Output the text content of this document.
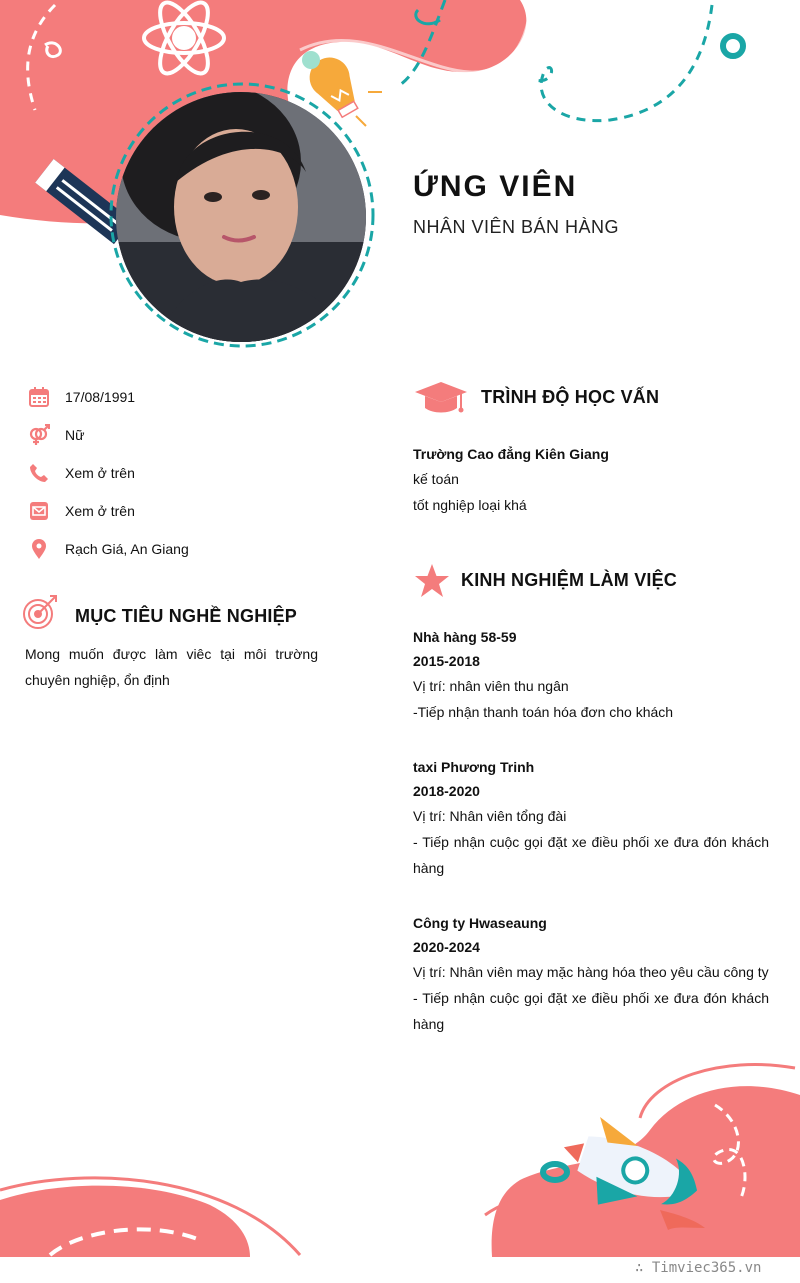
ỨNG VIÊN
NHÂN VIÊN BÁN HÀNG
17/08/1991
Nữ
Xem ở trên
Xem ở trên
Rạch Giá, An Giang
MỤC TIÊU NGHỀ NGHIỆP
Mong muốn được làm viêc tại môi trường chuyên nghiệp, ổn định
TRÌNH ĐỘ HỌC VẤN
Trường Cao đẳng Kiên Giang
kế toán
tốt nghiệp loại khá
KINH NGHIỆM LÀM VIỆC
Nhà hàng 58-59
2015-2018
Vị trí: nhân viên thu ngân
-Tiếp nhận thanh toán hóa đơn cho khách
taxi Phương Trinh
2018-2020
Vị trí: Nhân viên tổng đài
- Tiếp nhận cuộc gọi đặt xe điều phối xe đưa đón khách hàng
Công ty Hwaseaung
2020-2024
Vị trí: Nhân viên may mặc hàng hóa theo yêu cầu công ty
- Tiếp nhận cuộc gọi đặt xe điều phối xe đưa đón khách hàng
∴ Timviec365.vn
